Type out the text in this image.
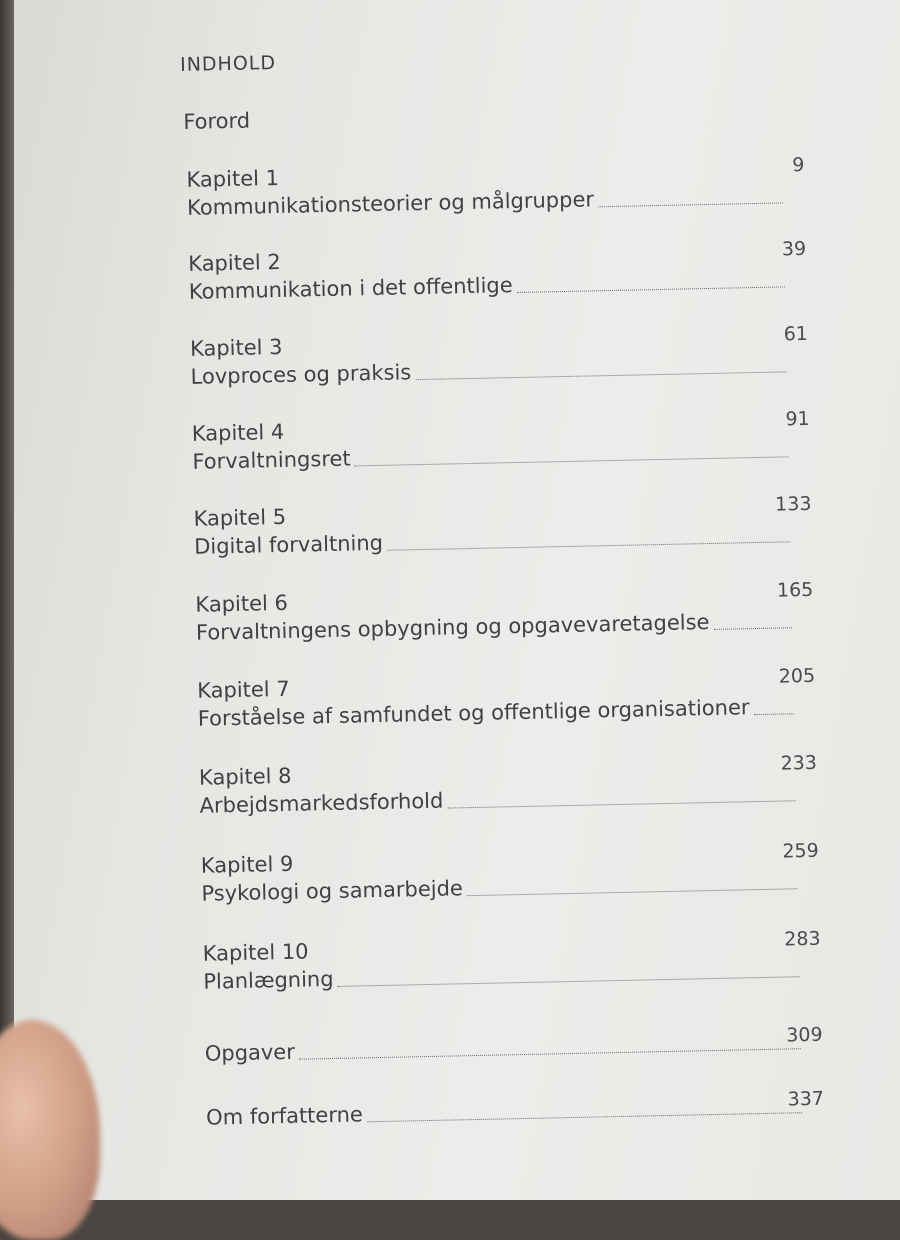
INDHOLD
Forord
Kapitel 1
Kommunikationsteorier og målgrupper
9
Kapitel 2
Kommunikation i det offentlige
39
Kapitel 3
Lovproces og praksis
61
Kapitel 4
Forvaltningsret
91
Kapitel 5
Digital forvaltning
133
Kapitel 6
Forvaltningens opbygning og opgavevaretagelse
165
Kapitel 7
Forståelse af samfundet og offentlige organisationer
205
Kapitel 8
Arbejdsmarkedsforhold
233
Kapitel 9
Psykologi og samarbejde
259
Kapitel 10
Planlægning
283
Opgaver
309
Om forfatterne
337
